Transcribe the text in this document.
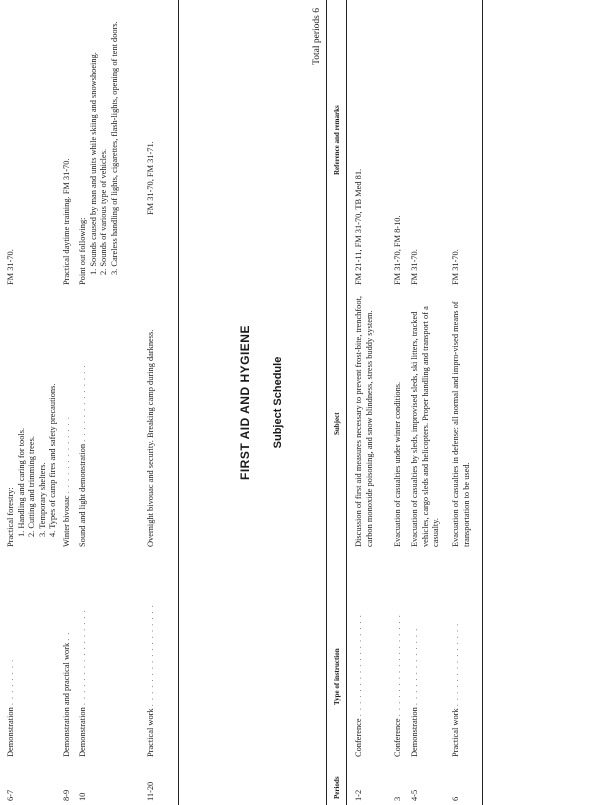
6-7
Demonstration . . . . . . . .
Practical forestry: 1. Handling and caring for tools. 2. Cutting and trimming trees. 3. Temporary shelters. 4. Types of camp fires and safety precautions.
FM 31-70.
8-9
Demonstration and practical work . .
Winter bivouac . . . . . . . . . . . . .
Practical daytime training. FM 31-70.
10
Demonstration . . . . . . . . . . . . . . . .
Sound and light demonstration . . . . . . . . . . . . .
Point out following: 1. Sounds caused by man and units while skiing and snowshoeing. 2. Sounds of various type of vehicles. 3. Careless handling of lights, cigarettes, flash-lights, opening of tent doors.
11-20
Practical work . . . . . . . . . . . . . . . . .
Overnight bivouac and security. Breaking camp during darkness.
FM 31-70, FM 31-71.
FIRST AID AND HYGIENE Subject Schedule
Total periods 6
Periods
Type of instruction
Subject
Reference and remarks
1-2
Conference . . . . . . . . . . . . . . . . .
Discussion of first aid measures necessary to prevent frost-bite, trenchfoot, carbon monoxide poisoning, and snow blindness, stress buddy system.
FM 21-11, FM 31-70, TB Med 81.
3
Conference . . . . . . . . . . . . . . . . .
Evacuation of casualties under winter conditions.
FM 31-70, FM 8-10.
4-5
Demonstration . . . . . . . . . . . . .
Evacuation of casualties by sleds, improvised sleds, ski litters, tracked vehicles, cargo sleds and helicopters. Proper handling and transport of a casualty.
FM 31-70.
6
Practical work . . . . . . . . . . . . . .
Evacuation of casualties in defense: all normal and impro-vised means of transportation to be used.
FM 31-70.
